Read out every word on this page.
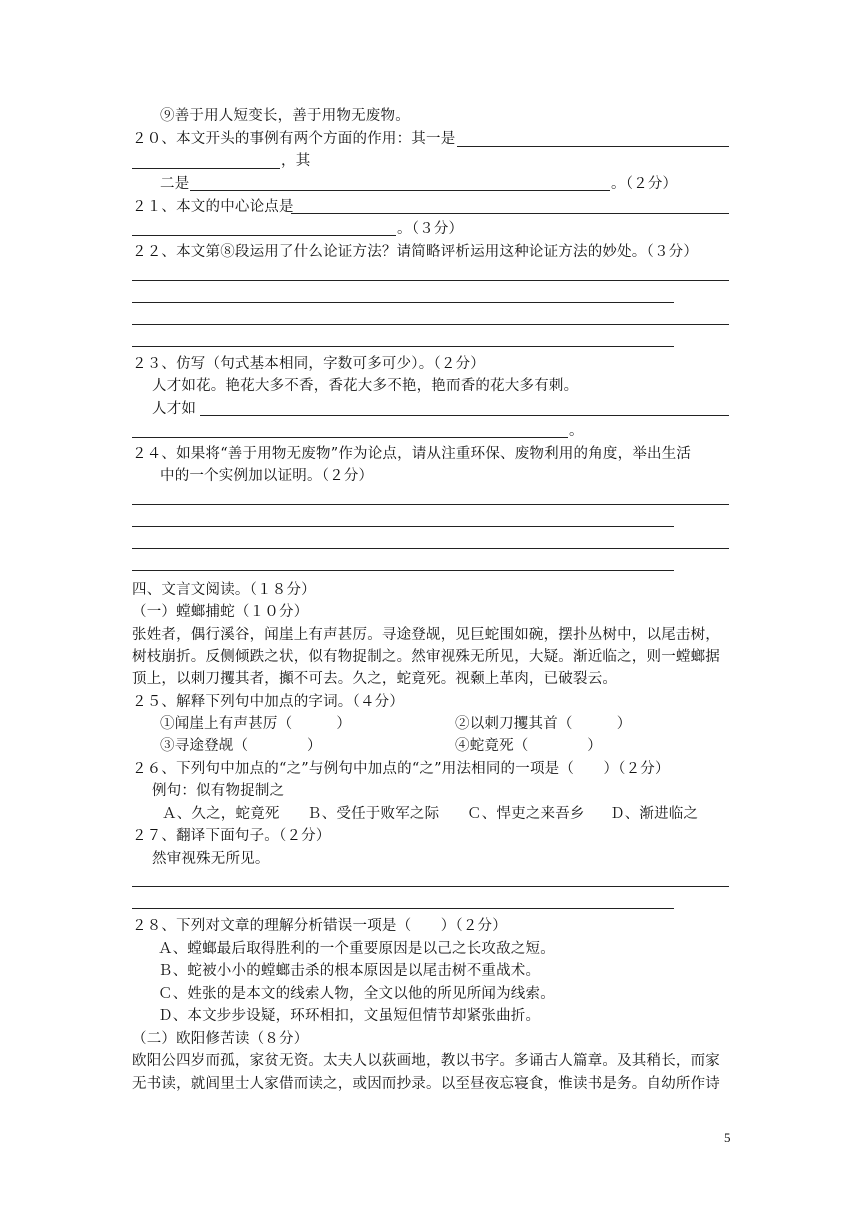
⑨善于用人短变长，善于用物无废物。
２０、本文开头的事例有两个方面的作用：其一是
，其
二是	。（２分）
２１、本文的中心论点是
。（３分）
２２、本文第⑧段运用了什么论证方法？请简略评析运用这种论证方法的妙处。（３分）
２３、仿写（句式基本相同，字数可多可少）。（２分）
人才如花。艳花大多不香，香花大多不艳，艳而香的花大多有刺。
人才如
。
２４、如果将“善于用物无废物”作为论点，请从注重环保、废物利用的角度，举出生活
中的一个实例加以证明。（２分）
四、文言文阅读。（１８分）
（一）螳螂捕蛇（１０分）
张姓者，偶行溪谷，闻崖上有声甚厉。寻途登觇，见巨蛇围如碗，摆扑丛树中，以尾击树，
树枝崩折。反侧倾跌之状，似有物捉制之。然审视殊无所见，大疑。渐近临之，则一螳螂据
顶上，以刺刀攫其者，攧不可去。久之，蛇竟死。视颡上革肉，已破裂云。
２５、解释下列句中加点的字词。（４分）
①闻崖上有声甚厉（　　　）	②以刺刀攫其首（　　　）
③寻途登觇（　　　　）	④蛇竟死（　　　　）
２６、下列句中加点的“之”与例句中加点的“之”用法相同的一项是（　　）（２分）
例句：似有物捉制之
Ａ、久之，蛇竟死 Ｂ、受任于败军之际 Ｃ、悍吏之来吾乡 Ｄ、渐进临之
２７、翻译下面句子。（２分）
然审视殊无所见。
２８、下列对文章的理解分析错误一项是（　　）（２分）
Ａ、螳螂最后取得胜利的一个重要原因是以己之长攻敌之短。
Ｂ、蛇被小小的螳螂击杀的根本原因是以尾击树不重战术。
Ｃ、姓张的是本文的线索人物，全文以他的所见所闻为线索。
Ｄ、本文步步设疑，环环相扣，文虽短但情节却紧张曲折。
（二）欧阳修苦读（８分）
欧阳公四岁而孤，家贫无资。太夫人以荻画地，教以书字。多诵古人篇章。及其稍长，而家
无书读，就闾里士人家借而读之，或因而抄录。以至昼夜忘寝食，惟读书是务。自幼所作诗
5
